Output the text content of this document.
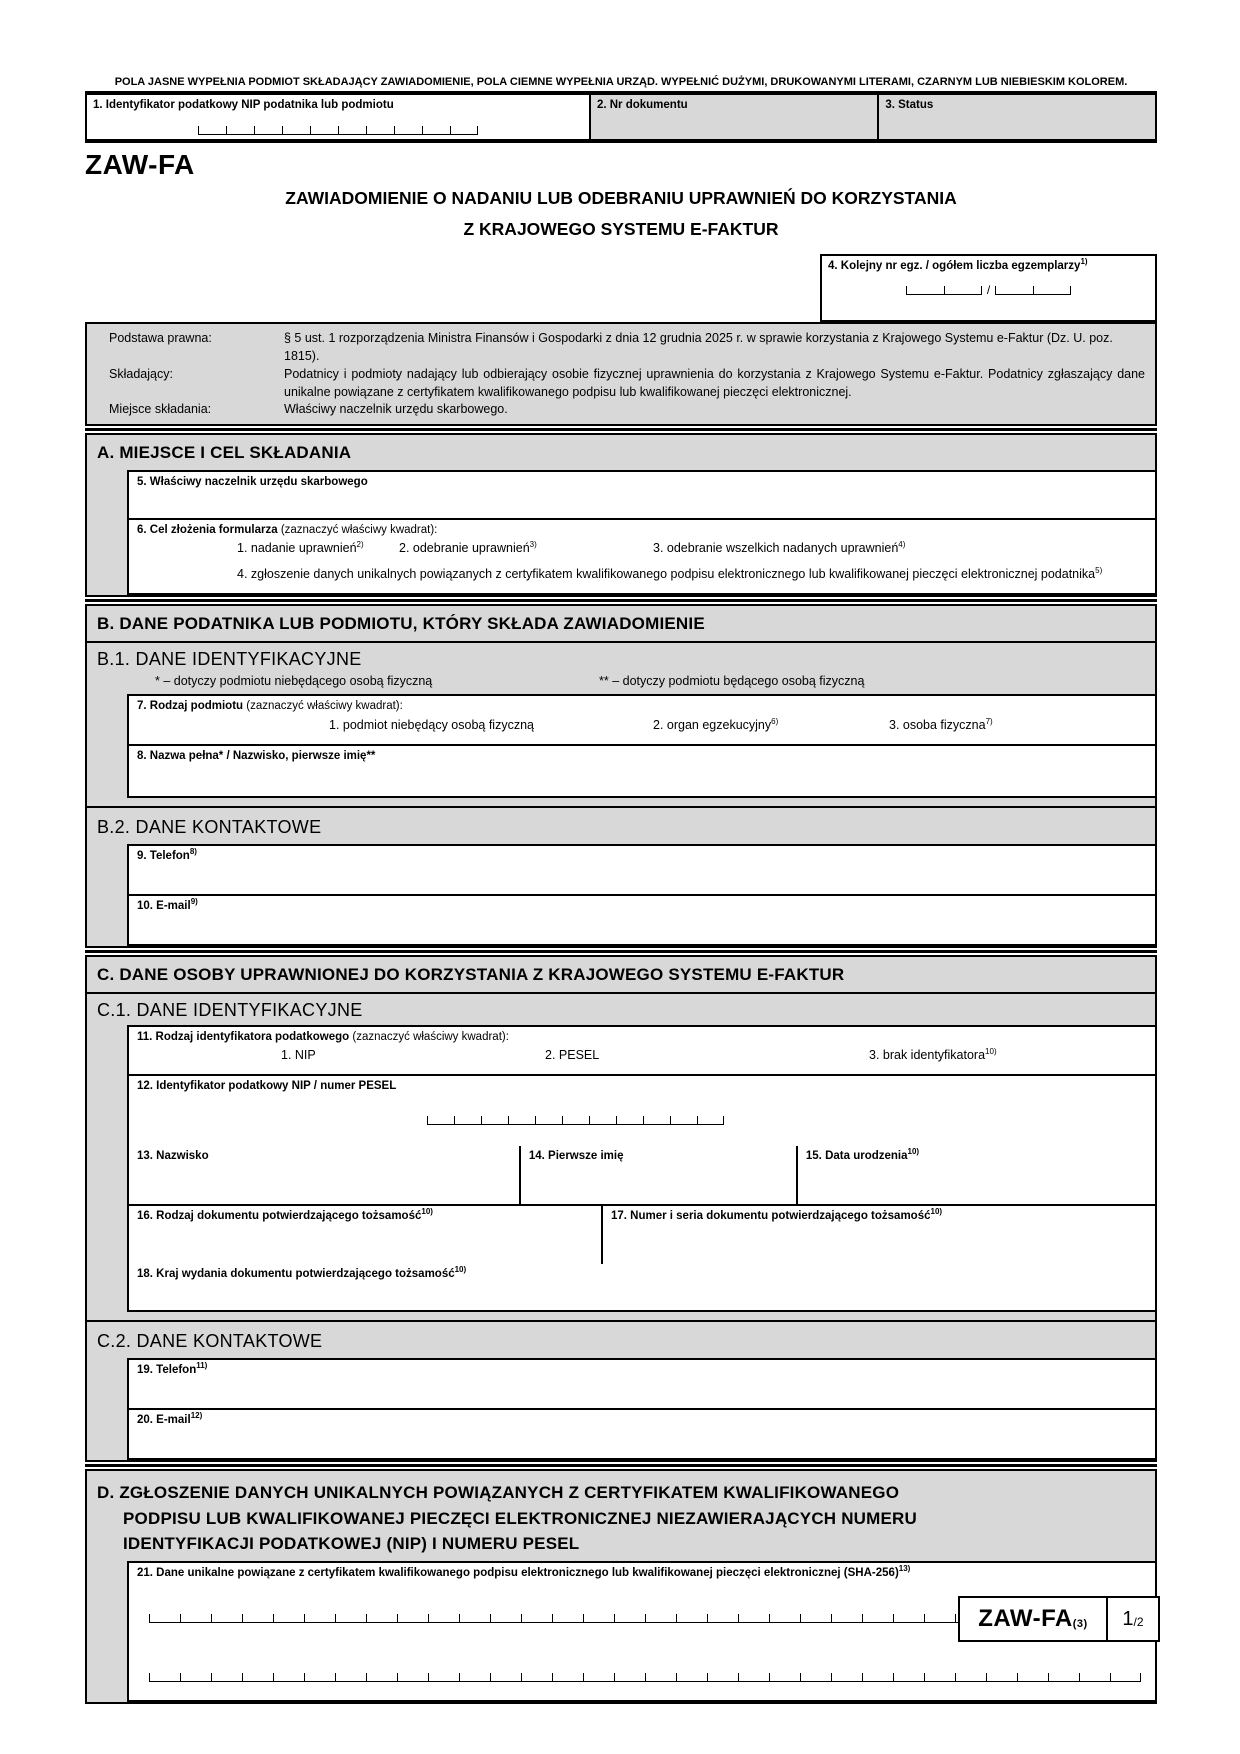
POLA JASNE WYPEŁNIA PODMIOT SKŁADAJĄCY ZAWIADOMIENIE, POLA CIEMNE WYPEŁNIA URZĄD. WYPEŁNIĆ DUŻYMI, DRUKOWANYMI LITERAMI, CZARNYM LUB NIEBIESKIM KOLOREM.
1. Identyfikator podatkowy NIP podatnika lub podmiotu	2. Nr dokumentu	3. Status
ZAW-FA
ZAWIADOMIENIE O NADANIU LUB ODEBRANIU UPRAWNIEŃ DO KORZYSTANIA
Z KRAJOWEGO SYSTEMU E-FAKTUR
4. Kolejny nr egz. / ogółem liczba egzemplarzy$^{1)}$
/
Podstawa prawna:	§ 5 ust. 1 rozporządzenia Ministra Finansów i Gospodarki z dnia 12 grudnia 2025 r. w sprawie korzystania z Krajowego Systemu e-Faktur (Dz. U. poz. 1815).
Składający:	Podatnicy i podmioty nadający lub odbierający osobie fizycznej uprawnienia do korzystania z Krajowego Systemu e-Faktur. Podatnicy zgłaszający dane unikalne powiązane z certyfikatem kwalifikowanego podpisu lub kwalifikowanej pieczęci elektronicznej.
Miejsce składania:	Właściwy naczelnik urzędu skarbowego.
A. MIEJSCE I CEL SKŁADANIA
5. Właściwy naczelnik urzędu skarbowego
6. Cel złożenia formularza (zaznaczyć właściwy kwadrat):
1. nadanie uprawnień$^{2)}$	2. odebranie uprawnień$^{3)}$	3. odebranie wszelkich nadanych uprawnień$^{4)}$
4. zgłoszenie danych unikalnych powiązanych z certyfikatem kwalifikowanego podpisu elektronicznego lub kwalifikowanej pieczęci elektronicznej podatnika$^{5)}$
B. DANE PODATNIKA LUB PODMIOTU, KTÓRY SKŁADA ZAWIADOMIENIE
B.1. DANE IDENTYFIKACYJNE
* – dotyczy podmiotu niebędącego osobą fizyczną	** – dotyczy podmiotu będącego osobą fizyczną
7. Rodzaj podmiotu (zaznaczyć właściwy kwadrat):
1. podmiot niebędący osobą fizyczną	2. organ egzekucyjny$^{6)}$	3. osoba fizyczna$^{7)}$
8. Nazwa pełna* / Nazwisko, pierwsze imię**
B.2. DANE KONTAKTOWE
9. Telefon$^{8)}$
10. E-mail$^{9)}$
C. DANE OSOBY UPRAWNIONEJ DO KORZYSTANIA Z KRAJOWEGO SYSTEMU E-FAKTUR
C.1. DANE IDENTYFIKACYJNE
11. Rodzaj identyfikatora podatkowego (zaznaczyć właściwy kwadrat):
1. NIP	2. PESEL	3. brak identyfikatora$^{10)}$
12. Identyfikator podatkowy NIP / numer PESEL
13. Nazwisko	14. Pierwsze imię	15. Data urodzenia$^{10)}$
16. Rodzaj dokumentu potwierdzającego tożsamość$^{10)}$	17. Numer i seria dokumentu potwierdzającego tożsamość$^{10)}$
18. Kraj wydania dokumentu potwierdzającego tożsamość$^{10)}$
C.2. DANE KONTAKTOWE
19. Telefon$^{11)}$
20. E-mail$^{12)}$
D. ZGŁOSZENIE DANYCH UNIKALNYCH POWIĄZANYCH Z CERTYFIKATEM KWALIFIKOWANEGO PODPISU LUB KWALIFIKOWANEJ PIECZĘCI ELEKTRONICZNEJ NIEZAWIERAJĄCYCH NUMERU IDENTYFIKACJI PODATKOWEJ (NIP) I NUMERU PESEL
21. Dane unikalne powiązane z certyfikatem kwalifikowanego podpisu elektronicznego lub kwalifikowanej pieczęci elektronicznej $(SHA-256)^{13)}$
ZAW-FA (3) 1 /2
